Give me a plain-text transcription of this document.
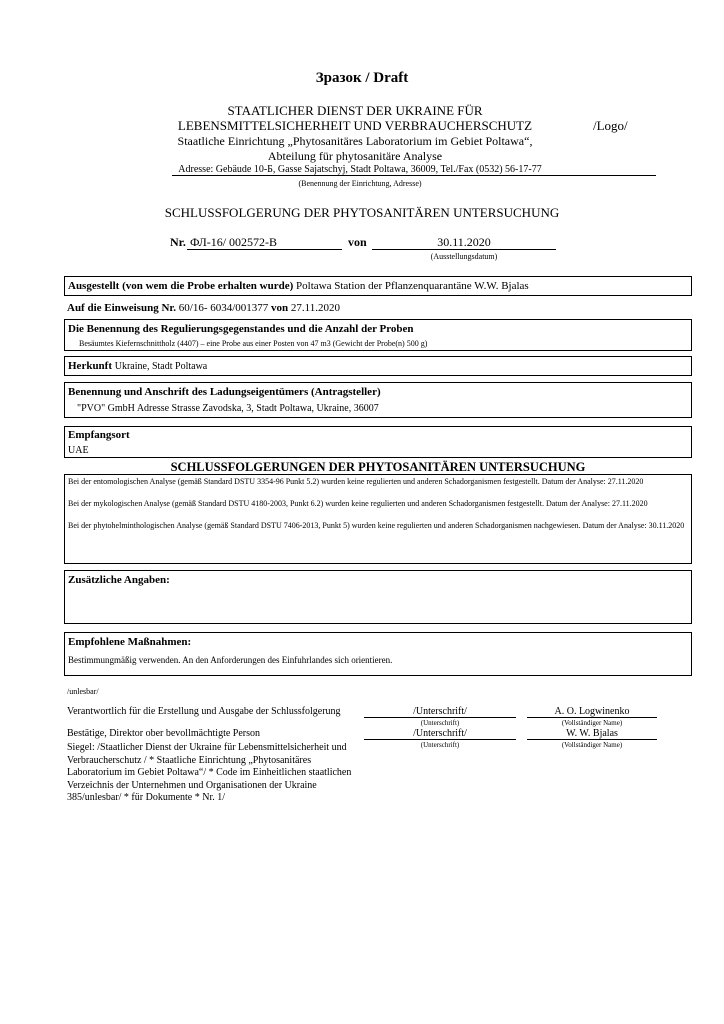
Зразок / Draft
STAATLICHER DIENST DER UKRAINE FÜR
LEBENSMITTELSICHERHEIT UND VERBRAUCHERSCHUTZ	/Logo/
Staatliche Einrichtung „Phytosanitäres Laboratorium im Gebiet Poltawa“,
Abteilung für phytosanitäre Analyse
Adresse: Gebäude 10-Б, Gasse Sajatschyj, Stadt Poltawa, 36009, Tel./Fax (0532) 56-17-77
(Benennung der Einrichtung, Adresse)
SCHLUSSFOLGERUNG DER PHYTOSANITÄREN UNTERSUCHUNG
Nr. ФЛ-16/ 002572-В	von	30.11.2020
(Ausstellungsdatum)
Ausgestellt (von wem die Probe erhalten wurde) Poltawa Station der Pflanzenquarantäne W.W. Bjalas
Auf die Einweisung Nr. 60/16- 6034/001377 von 27.11.2020
Die Benennung des Regulierungsgegenstandes und die Anzahl der Proben
Besäumtes Kiefernschnittholz (4407) – eine Probe aus einer Posten von 47 m3 (Gewicht der Probe(n) 500 g)
Herkunft Ukraine, Stadt Poltawa
Benennung und Anschrift des Ladungseigentümers (Antragsteller)
"PVO" GmbH Adresse Strasse Zavodska, 3, Stadt Poltawa, Ukraine, 36007
Empfangsort
UAE
SCHLUSSFOLGERUNGEN DER PHYTOSANITÄREN UNTERSUCHUNG
Bei der entomologischen Analyse (gemäß Standard DSTU 3354-96 Punkt 5.2) wurden keine regulierten und anderen Schadorganismen festgestellt. Datum der Analyse: 27.11.2020
Bei der mykologischen Analyse (gemäß Standard DSTU 4180-2003, Punkt 6.2) wurden keine regulierten und anderen Schadorganismen festgestellt. Datum der Analyse: 27.11.2020
Bei der phytohelminthologischen Analyse (gemäß Standard DSTU 7406-2013, Punkt 5) wurden keine regulierten und anderen Schadorganismen nachgewiesen. Datum der Analyse: 30.11.2020
Zusätzliche Angaben:
Empfohlene Maßnahmen:
Bestimmungmäßig verwenden. An den Anforderungen des Einfuhrlandes sich orientieren.
/unlesbar/
Verantwortlich für die Erstellung und Ausgabe der Schlussfolgerung	/Unterschrift/	A. O. Logwinenko
(Unterschrift)	(Vollständiger Name)
Bestätige, Direktor ober bevollmächtigte Person	/Unterschrift/	W. W. Bjalas
(Unterschrift)	(Vollständiger Name)
Siegel: /Staatlicher Dienst der Ukraine für Lebensmittelsicherheit und Verbraucherschutz / * Staatliche Einrichtung „Phytosanitäres Laboratorium im Gebiet Poltawa“/ * Code im Einheitlichen staatlichen Verzeichnis der Unternehmen und Organisationen der Ukraine 385/unlesbar/ * für Dokumente * Nr. 1/
